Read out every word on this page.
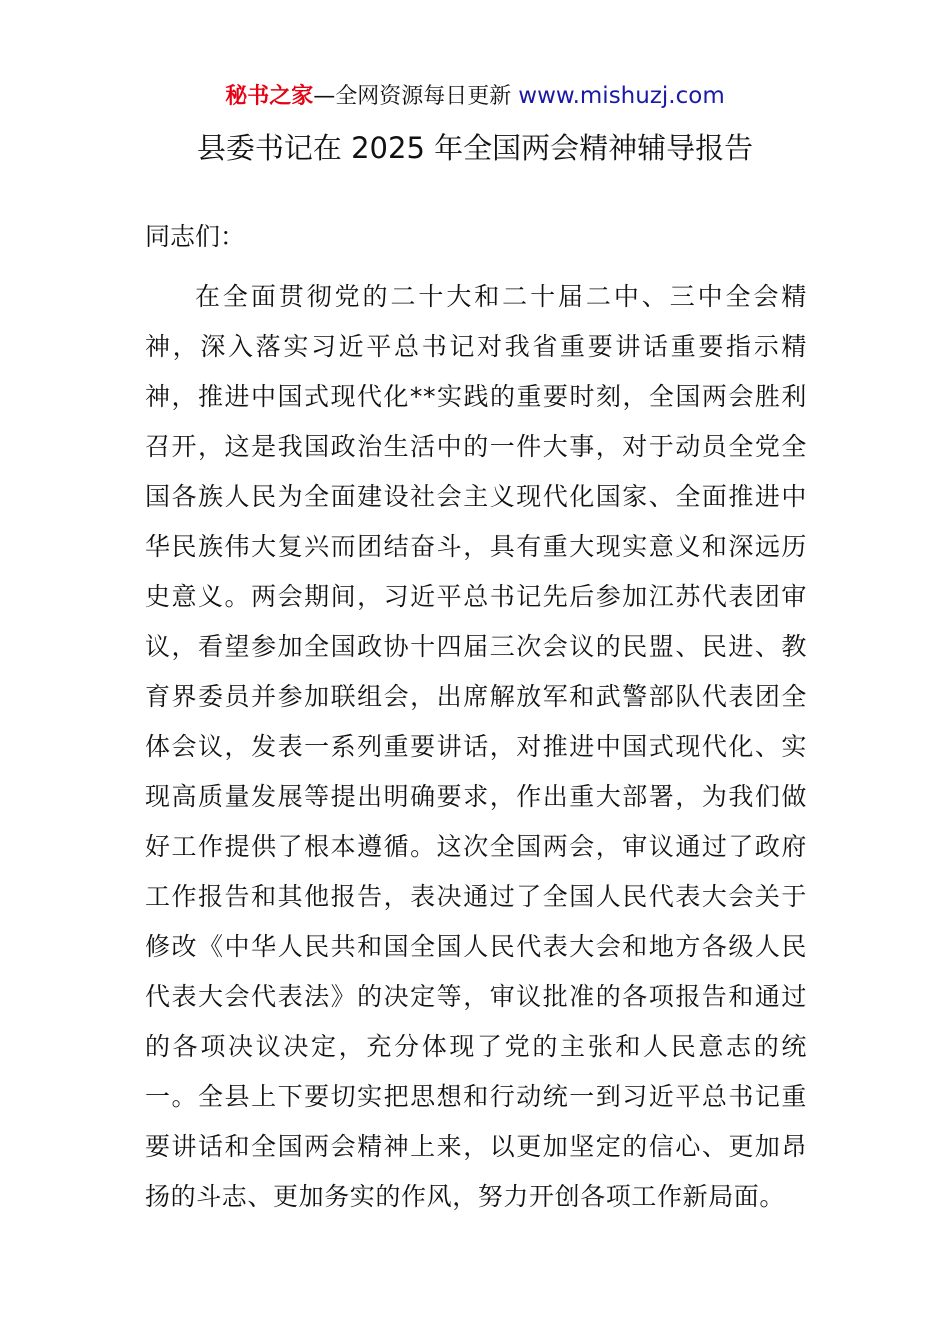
秘书之家—全网资源每日更新 www.mishuzj.com
县委书记在 2025 年全国两会精神辅导报告

同志们：

在全面贯彻党的二十大和二十届二中、三中全会精神，深入落实习近平总书记对我省重要讲话重要指示精神，推进中国式现代化**实践的重要时刻，全国两会胜利召开，这是我国政治生活中的一件大事，对于动员全党全国各族人民为全面建设社会主义现代化国家、全面推进中华民族伟大复兴而团结奋斗，具有重大现实意义和深远历史意义。两会期间，习近平总书记先后参加江苏代表团审议，看望参加全国政协十四届三次会议的民盟、民进、教育界委员并参加联组会，出席解放军和武警部队代表团全体会议，发表一系列重要讲话，对推进中国式现代化、实现高质量发展等提出明确要求，作出重大部署，为我们做好工作提供了根本遵循。这次全国两会，审议通过了政府工作报告和其他报告，表决通过了全国人民代表大会关于修改《中华人民共和国全国人民代表大会和地方各级人民代表大会代表法》的决定等，审议批准的各项报告和通过的各项决议决定，充分体现了党的主张和人民意志的统一。全县上下要切实把思想和行动统一到习近平总书记重要讲话和全国两会精神上来，以更加坚定的信心、更加昂扬的斗志、更加务实的作风，努力开创各项工作新局面。
